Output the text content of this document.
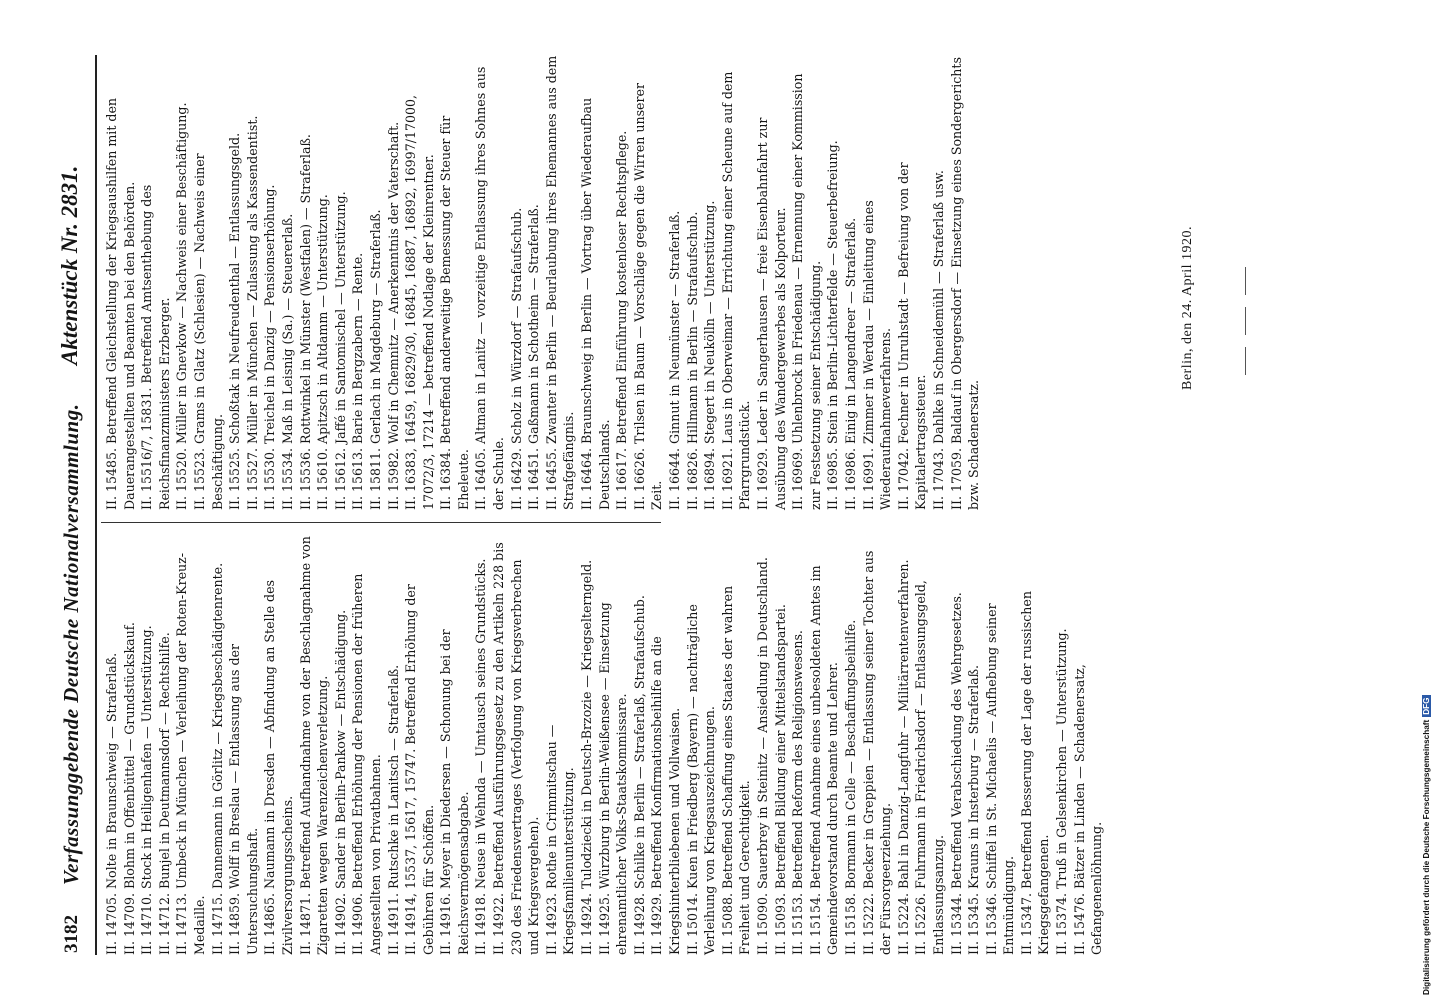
3182
Verfassunggebende Deutsche Nationalversammlung.
Aktenstück Nr. 2831.
II. 14705. Nolte in Braunschweig — Straferlaß. II. 14709. Blohm in Offenbüttel — Grundstückskauf. II. 14710. Stock in Heiligenhafen — Unterstützung. II. 14712. Bunjel in Deutmannsdorf — Rechtshilfe. II. 14713. Umbeck in München — Verleihung der Roten-Kreuz-Medaille. II. 14715. Dannemann in Görlitz — Kriegsbeschädigtenrente. II. 14859. Wolff in Breslau — Entlassung aus der Untersuchungshaft. II. 14865. Naumann in Dresden — Abfindung an Stelle des Zivilversorgungsscheins. II. 14871. Betreffend Aufhandnahme von der Beschlagnahme von Zigaretten wegen Warenzeichenverletzung. II. 14902. Sander in Berlin-Pankow — Entschädigung. II. 14906. Betreffend Erhöhung der Pensionen der früheren Angestellten von Privatbahnen. II. 14911. Rutschke in Lanitsch — Straferlaß. II. 14914, 15537, 15617, 15747. Betreffend Erhöhung der Gebühren für Schöffen. II. 14916. Meyer in Diedersen — Schonung bei der Reichsvermögensabgabe. II. 14918. Neuse in Wehnda — Umtausch seines Grundstücks. II. 14922. Betreffend Ausführungsgesetz zu den Artikeln 228 bis 230 des Friedensvertrages (Verfolgung von Kriegsverbrechen und Kriegsvergehen). II. 14923. Rothe in Crimmitschau — Kriegsfamilienunterstützung. II. 14924. Tulodziecki in Deutsch-Brzozie — Kriegselterngeld. II. 14925. Würzburg in Berlin-Weißensee — Einsetzung ehrenamtlicher Volks-Staatskommissare. II. 14928. Schilke in Berlin — Straferlaß, Strafaufschub. II. 14929. Betreffend Konfirmationsbeihilfe an die Kriegshinterbliebenen und Vollwaisen. II. 15014. Kuen in Friedberg (Bayern) — nachträgliche Verleihung von Kriegsauszeichnungen. II. 15088. Betreffend Schaffung eines Staates der wahren Freiheit und Gerechtigkeit. II. 15090. Sauerbrey in Steinitz — Ansiedlung in Deutschland. II. 15093. Betreffend Bildung einer Mittelstandspartei. II. 15153. Betreffend Reform des Religionswesens. II. 15154. Betreffend Annahme eines unbesoldeten Amtes im Gemeindevorstand durch Beamte und Lehrer. II. 15158. Bormann in Celle — Beschaffungsbeihilfe. II. 15222. Becker in Greppien — Entlassung seiner Tochter aus der Fürsorgeerziehung. II. 15224. Bahl in Danzig-Langfuhr — Militärrentenverfahren. II. 15226. Fuhrmann in Friedrichsdorf — Entlassungsgeld, Entlassungsanzug. II. 15344. Betreffend Verabschiedung des Wehrgesetzes. II. 15345. Krauns in Insterburg — Straferlaß. II. 15346. Schiffel in St. Michaelis — Aufhebung seiner Entmündigung. II. 15347. Betreffend Besserung der Lage der russischen Kriegsgefangenen. II. 15374. Truß in Gelsenkirchen — Unterstützung. II. 15476. Bätzer in Linden — Schadenersatz, Gefangenenlöhnung.
II. 15485. Betreffend Gleichstellung der Kriegsaushilfen mit den Dauerangestellten und Beamten bei den Behörden. II. 15516/7, 15831. Betreffend Amtsenthebung des Reichsfinanzministers Erzberger. II. 15520. Müller in Gnevkow — Nachweis einer Beschäftigung. II. 15523. Grams in Glatz (Schlesien) — Nachweis einer Beschäftigung. II. 15525. Schoßtak in Neufreudenthal — Entlassungsgeld. II. 15527. Müller in München — Zulassung als Kassendentist. II. 15530. Treichel in Danzig — Pensionserhöhung. II. 15534. Maß in Leisnig (Sa.) — Steuererlaß. II. 15536. Rottwinkel in Münster (Westfalen) — Straferlaß. II. 15610. Apitzsch in Altdamm — Unterstützung. II. 15612. Jaffé in Santomischel — Unterstützung. II. 15613. Barie in Bergzabern — Rente. II. 15811. Gerlach in Magdeburg — Straferlaß. II. 15982. Wolf in Chemnitz — Anerkenntnis der Vaterschaft. II. 16383, 16459, 16829/30, 16845, 16887, 16892, 16997/17000, 17072/3, 17214 — betreffend Notlage der Kleinrentner. II. 16384. Betreffend anderweitige Bemessung der Steuer für Eheleute. II. 16405. Altman in Lanitz — vorzeitige Entlassung ihres Sohnes aus der Schule. II. 16429. Scholz in Würzdorf — Strafaufschub. II. 16451. Gaßmann in Schotheim — Straferlaß. II. 16455. Zwanter in Berlin — Beurlaubung ihres Ehemannes aus dem Strafgefängnis. II. 16464. Braunschweig in Berlin — Vortrag über Wiederaufbau Deutschlands. II. 16617. Betreffend Einführung kostenloser Rechtspflege. II. 16626. Trilsen in Baum — Vorschläge gegen die Wirren unserer Zeit. II. 16644. Ginnut in Neumünster — Straferlaß. II. 16826. Hillmann in Berlin — Strafaufschub. II. 16894. Stegert in Neukölln — Unterstützung. II. 16921. Laus in Oberweimar — Errichtung einer Scheune auf dem Pfarrgrundstück. II. 16929. Leder in Sangerhausen — freie Eisenbahnfahrt zur Ausübung des Wandergewerbes als Kolporteur. II. 16969. Uhlenbrock in Friedenau — Ernennung einer Kommission zur Festsetzung seiner Entschädigung. II. 16985. Stein in Berlin-Lichterfelde — Steuerbefreiung. II. 16986. Einig in Langendreer — Straferlaß. II. 16991. Zimmer in Werdau — Einleitung eines Wiederaufnahmeverfahrens. II. 17042. Fechner in Unruhstadt — Befreiung von der Kapitalertragssteuer. II. 17043. Dahlke in Schneidemühl — Straferlaß usw. II. 17059. Baldauf in Obergersdorf — Einsetzung eines Sondergerichts bzw. Schadenersatz.
Berlin, den 24. April 1920.
Digitalisierung gefördert durch die Deutsche ForschungsgemeinschaftDFG
